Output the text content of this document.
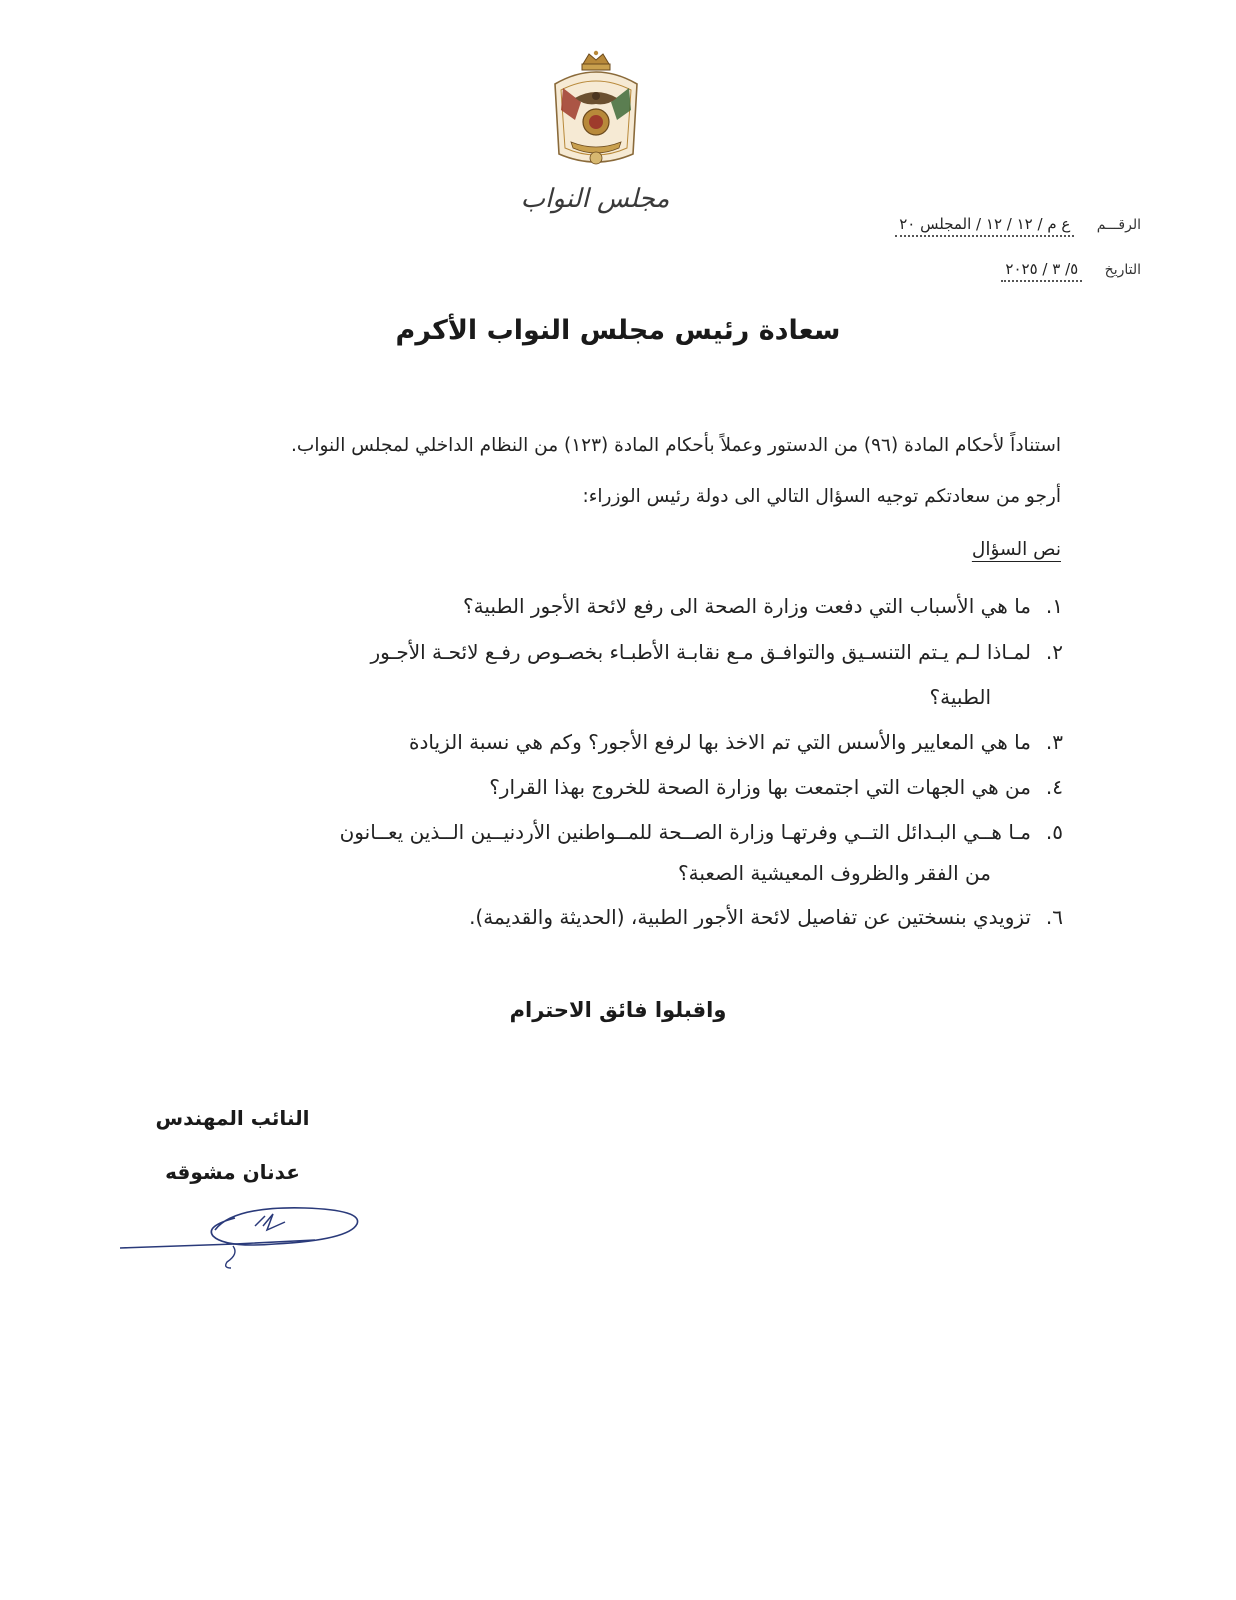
مجلس النواب
الرقـــم ع م / ١٢ / ١٢ / المجلس ٢٠
التاريخ ٥/ ٣ / ٢٠٢٥
سعادة رئيس مجلس النواب الأكرم
استناداً لأحكام المادة (٩٦) من الدستور وعملاً بأحكام المادة (١٢٣) من النظام الداخلي لمجلس النواب.
أرجو من سعادتكم توجيه السؤال التالي الى دولة رئيس الوزراء:
نص السؤال
١.
ما هي الأسباب التي دفعت وزارة الصحة الى رفع لائحة الأجور الطبية؟
٢.
لمـاذا لـم يـتم التنسـيق والتوافـق مـع نقابـة الأطبـاء بخصـوص رفـع لائحـة الأجـور
الطبية؟
٣.
ما هي المعايير والأسس التي تم الاخذ بها لرفع الأجور؟ وكم هي نسبة الزيادة
٤.
من هي الجهات التي اجتمعت بها وزارة الصحة للخروج بهذا القرار؟
٥.
مـا هــي البـدائل التــي وفرتهـا وزارة الصــحة للمــواطنين الأردنيــين الــذين يعــانون
من الفقر والظروف المعيشية الصعبة؟
٦.
تزويدي بنسختين عن تفاصيل لائحة الأجور الطبية، (الحديثة والقديمة).
واقبلوا فائق الاحترام
النائب المهندس
عدنان مشوقه
